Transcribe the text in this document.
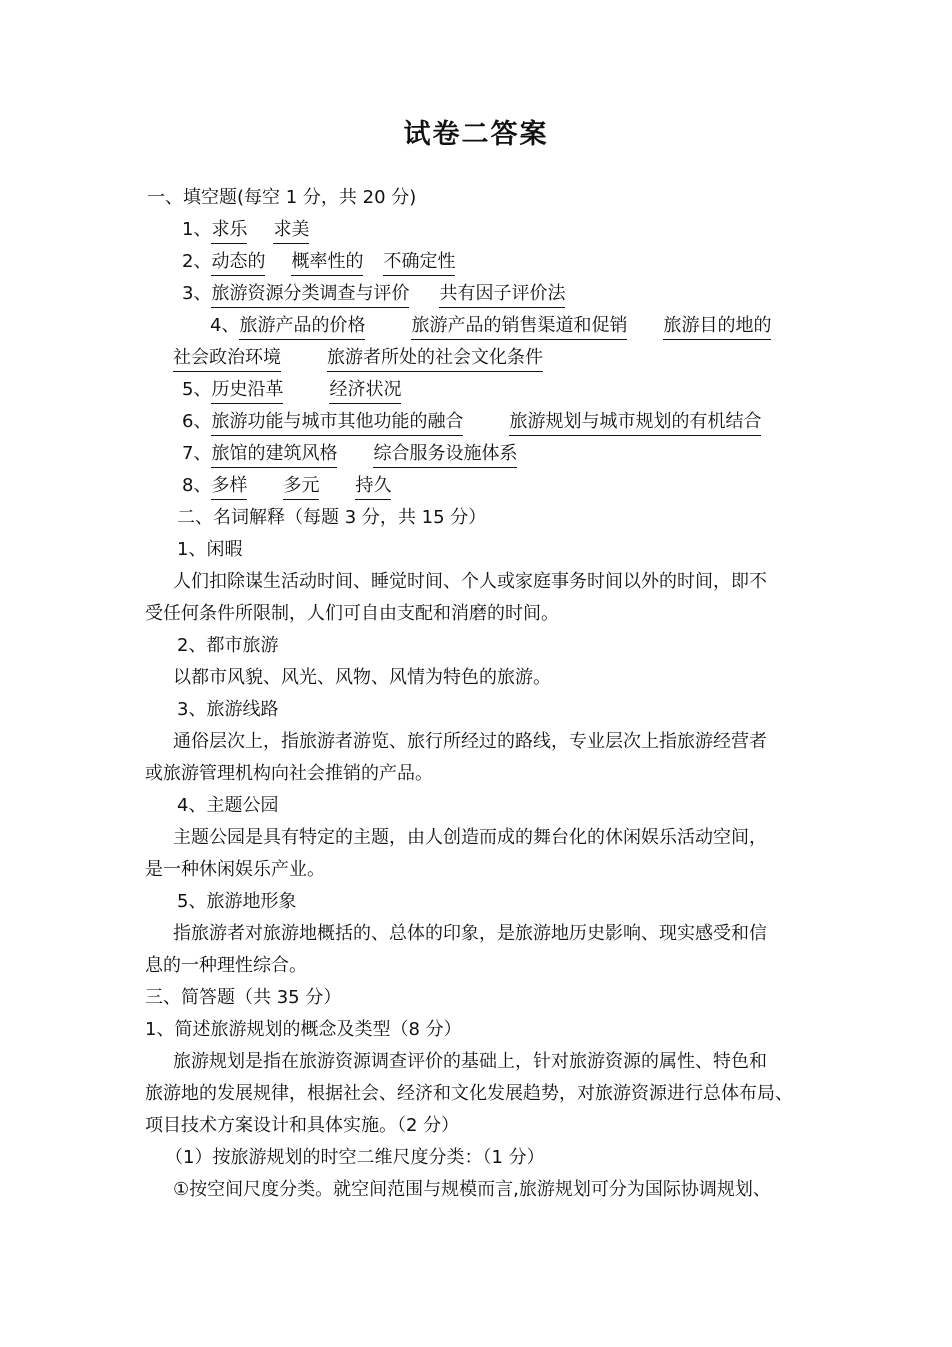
试卷二答案
一、填空题(每空 1 分，共 20 分)
1、求乐 求美
2、动态的 概率性的 不确定性
3、旅游资源分类调查与评价 共有因子评价法
4、旅游产品的价格	旅游产品的销售渠道和促销 旅游目的地的
社会政治环境	旅游者所处的社会文化条件
5、历史沿革	经济状况
6、旅游功能与城市其他功能的融合	旅游规划与城市规划的有机结合
7、旅馆的建筑风格 综合服务设施体系
8、多样 多元 持久
二、名词解释（每题 3 分，共 15 分）
1、闲暇
人们扣除谋生活动时间、睡觉时间、个人或家庭事务时间以外的时间，即不
受任何条件所限制，人们可自由支配和消磨的时间。
2、都市旅游
以都市风貌、风光、风物、风情为特色的旅游。
3、旅游线路
通俗层次上，指旅游者游览、旅行所经过的路线，专业层次上指旅游经营者
或旅游管理机构向社会推销的产品。
4、主题公园
主题公园是具有特定的主题，由人创造而成的舞台化的休闲娱乐活动空间，
是一种休闲娱乐产业。
5、旅游地形象
指旅游者对旅游地概括的、总体的印象，是旅游地历史影响、现实感受和信
息的一种理性综合。
三、简答题（共 35 分）
1、简述旅游规划的概念及类型（8 分）
旅游规划是指在旅游资源调查评价的基础上，针对旅游资源的属性、特色和
旅游地的发展规律，根据社会、经济和文化发展趋势，对旅游资源进行总体布局、
项目技术方案设计和具体实施。（2 分）
（1）按旅游规划的时空二维尺度分类：（1 分）
①按空间尺度分类。就空间范围与规模而言,旅游规划可分为国际协调规划、
